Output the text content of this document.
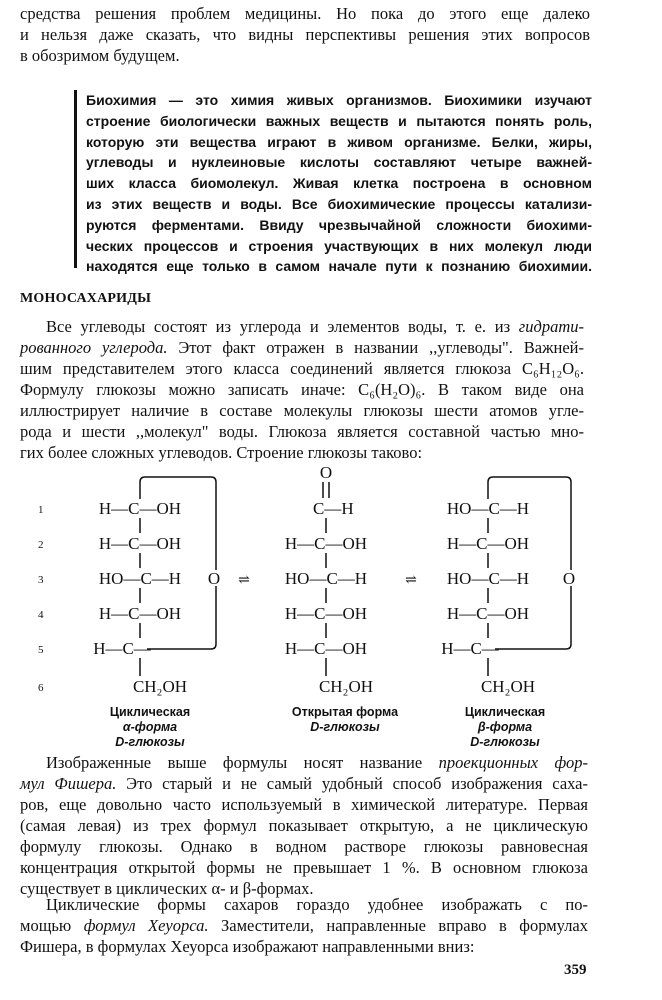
средства решения проблем медицины. Но пока до этого еще далеко
и нельзя даже сказать, что видны перспективы решения этих вопросов
в обозримом будущем.
Биохимия — это химия живых организмов. Биохимики изучают
строение биологически важных веществ и пытаются понять роль,
которую эти вещества играют в живом организме. Белки, жиры,
углеводы и нуклеиновые кислоты составляют четыре важней-
ших класса биомолекул. Живая клетка построена в основном
из этих веществ и воды. Все биохимические процессы катализи-
руются ферментами. Ввиду чрезвычайной сложности биохими-
ческих процессов и строения участвующих в них молекул люди
находятся еще только в самом начале пути к познанию биохимии.
МОНОСАХАРИДЫ
Все углеводы состоят из углерода и элементов воды, т. е. из гидрати-
рованного углерода. Этот факт отражен в названии ,,углеводы". Важней-
шим представителем этого класса соединений является глюкоза C₆H₁₂O₆.
Формулу глюкозы можно записать иначе: C₆(H₂O)₆. В таком виде она
иллюстрирует наличие в составе молекулы глюкозы шести атомов угле-
рода и шести ,,молекул" воды. Глюкоза является составной частью мно-
гих более сложных углеводов. Строение глюкозы таково:
1
2
3
4
5
6
H—C—OH
H—C—OH
HO—C—H
H—C—OH
H—C—
CH₂OH
O ⇌
O
C—H
H—C—OH
HO—C—H
H—C—OH
H—C—OH
CH₂OH
⇌
HO—C—H
H—C—OH
HO—C—H
H—C—OH
H—C—
CH₂OH
O
Циклическая
α-форма
D-глюкозы
Открытая форма
D-глюкозы
Циклическая
β-форма
D-глюкозы
Изображенные выше формулы носят название проекционных фор-
мул Фишера. Это старый и не самый удобный способ изображения саха-
ров, еще довольно часто используемый в химической литературе. Первая
(самая левая) из трех формул показывает открытую, а не циклическую
формулу глюкозы. Однако в водном растворе глюкозы равновесная
концентрация открытой формы не превышает 1 %. В основном глюкоза
существует в циклических α- и β-формах.
Циклические формы сахаров гораздо удобнее изображать с по-
мощью формул Хеуорса. Заместители, направленные вправо в формулах
Фишера, в формулах Хеуорса изображают направленными вниз:
359
